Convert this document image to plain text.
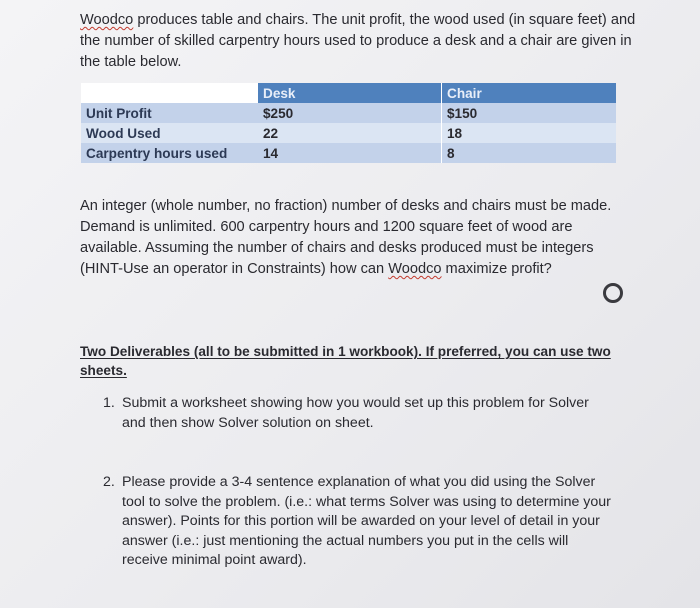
Woodco produces table and chairs. The unit profit, the wood used (in square feet) and the number of skilled carpentry hours used to produce a desk and a chair are given in the table below.

	Desk	Chair
Unit Profit	$250	$150
Wood Used	22	18
Carpentry hours used	14	8

An integer (whole number, no fraction) number of desks and chairs must be made. Demand is unlimited. 600 carpentry hours and 1200 square feet of wood are available. Assuming the number of chairs and desks produced must be integers (HINT-Use an operator in Constraints) how can Woodco maximize profit?

Two Deliverables (all to be submitted in 1 workbook). If preferred, you can use two sheets.

1. Submit a worksheet showing how you would set up this problem for Solver and then show Solver solution on sheet.
2. Please provide a 3-4 sentence explanation of what you did using the Solver tool to solve the problem. (i.e.: what terms Solver was using to determine your answer). Points for this portion will be awarded on your level of detail in your answer (i.e.: just mentioning the actual numbers you put in the cells will receive minimal point award).
